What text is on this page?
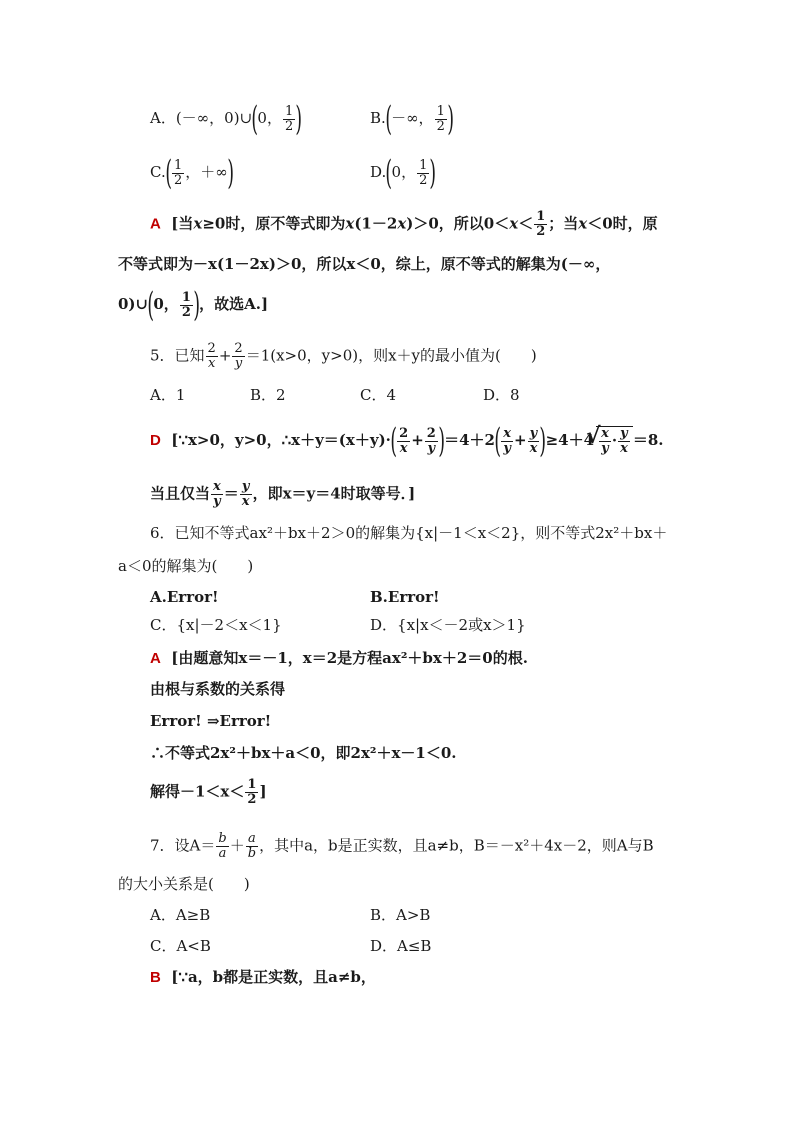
A．(－∞，0)∪(0， $\frac{1}{2}$ )	B.(－∞， $\frac{1}{2}$ )
$C.( \frac{1}{2}$ ，＋∞)	D.(0， $\frac{1}{2}$ )
A [当x≥0时，原不等式即为x(1－2x)＞0，所以$0<x< \frac{1}{2}$ ；当x＜0时，原
不等式即为－x(1－2x)＞0，所以x＜0，综上，原不等式的解集为(－∞，
0)∪(0， $\frac{1}{2}$ )，故选A.]
5．已知 $\frac{2}{x} + \frac{2}{y} =1(x>0$，y>0)，则x＋y的最小值为(　　)
A．1	B．2	C．4	D．8
D [∵x>0，y>0，∴x＋y＝(x＋y)·( $\frac{2}{x} + \frac{2}{y} )=4+2( \frac{x}{y} + \frac{y}{x} )\ge 4+4$
√ $\frac{x}{y} \cdot \frac{y}{x} =8$.
当且仅当 $\frac{x}{y} = \frac{y}{x}$ ，即x＝y＝4时取等号．]
6．已知不等式ax²＋bx＋2＞0的解集为{x|－1＜x＜2}，则不等式2x²＋bx＋
a＜0的解集为(　　)
A.Error!	B.Error!
C．{x|－2＜x＜1}	D．{x|x＜－2或x＞1}
A [由题意知x＝－1，x＝2是方程ax²＋bx＋2＝0的根.
由根与系数的关系得
Error! ⇒Error!
∴不等式2x²＋bx＋a＜0，即2x²＋x－1＜0.
解得$-1<x< \frac{1}{2}$ ]
7．设$A= \frac{b}{a} + \frac{a}{b}$ ，其中a，b是正实数，且a≠b，B＝－x²＋4x－2，则A与B
的大小关系是(　　)
A．A≥B	B．A>B
C．A<B	D．A≤B
B [∵a，b都是正实数，且a≠b，
